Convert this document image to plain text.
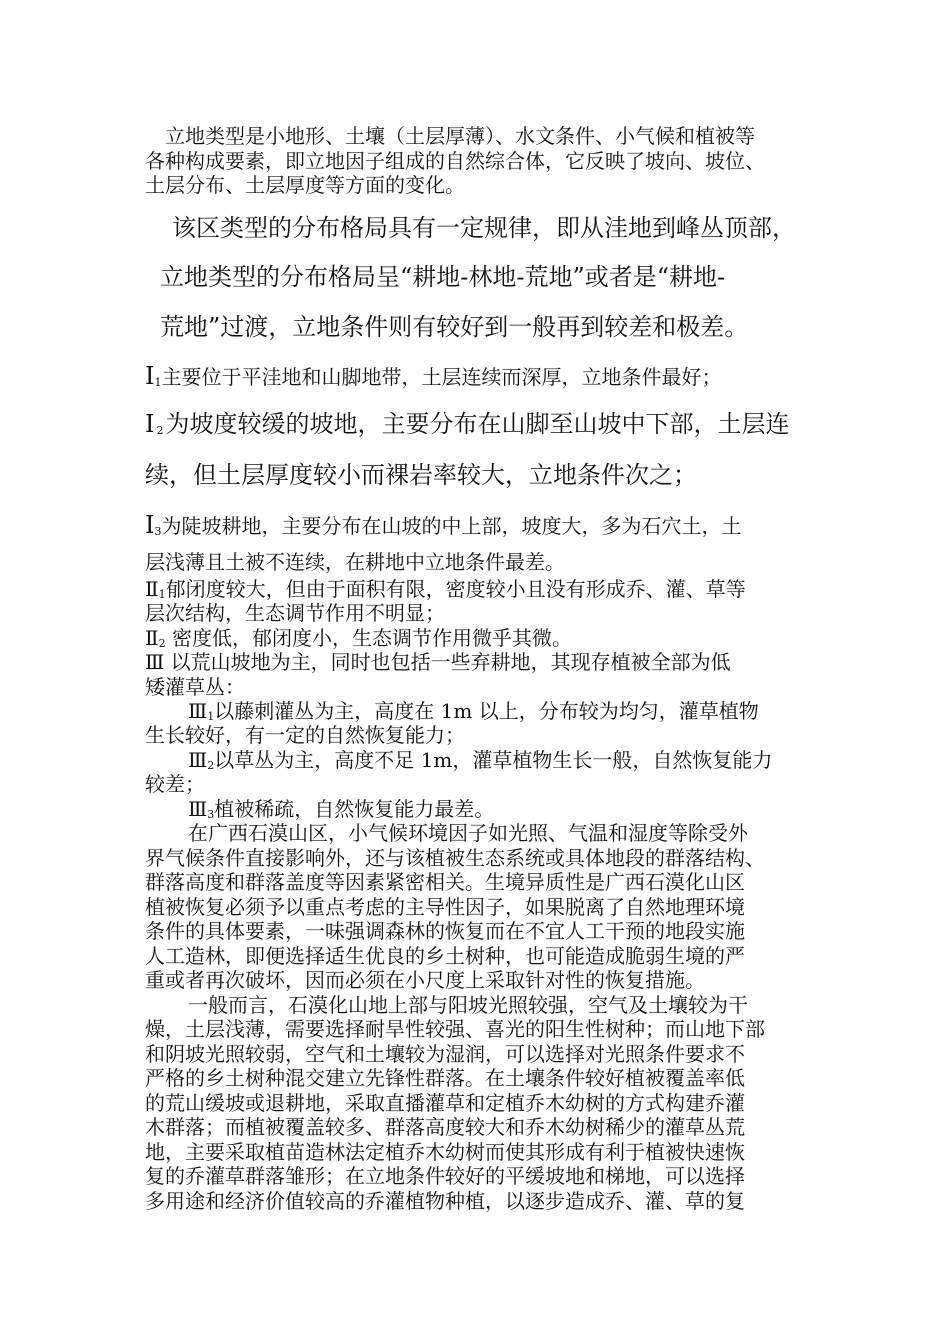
　立地类型是小地形、土壤（土层厚薄）、水文条件、小气候和植被等

各种构成要素，即立地因子组成的自然综合体，它反映了坡向、坡位、

土层分布、土层厚度等方面的变化。

该区类型的分布格局具有一定规律，即从洼地到峰丛顶部，

立地类型的分布格局呈“耕地-林地-荒地”或者是“耕地-

荒地”过渡，立地条件则有较好到一般再到较差和极差。

Ⅰ1主要位于平洼地和山脚地带，土层连续而深厚，立地条件最好；

Ⅰ 2为坡度较缓的坡地，主要分布在山脚至山坡中下部，土层连

续，但土层厚度较小而裸岩率较大，立地条件次之；

Ⅰ3为陡坡耕地，主要分布在山坡的中上部，坡度大，多为石穴土，土

层浅薄且土被不连续，在耕地中立地条件最差。

Ⅱ1郁闭度较大，但由于面积有限，密度较小且没有形成乔、灌、草等

层次结构，生态调节作用不明显；

Ⅱ2 密度低，郁闭度小，生态调节作用微乎其微。

Ⅲ 以荒山坡地为主，同时也包括一些弃耕地，其现存植被全部为低

矮灌草丛：

Ⅲ1以藤刺灌丛为主，高度在 1m 以上，分布较为均匀，灌草植物

生长较好，有一定的自然恢复能力；

Ⅲ2以草丛为主，高度不足 1m，灌草植物生长一般，自然恢复能力

较差；

Ⅲ3植被稀疏，自然恢复能力最差。

在广西石漠山区，小气候环境因子如光照、气温和湿度等除受外

界气候条件直接影响外，还与该植被生态系统或具体地段的群落结构、

群落高度和群落盖度等因素紧密相关。生境异质性是广西石漠化山区

植被恢复必须予以重点考虑的主导性因子，如果脱离了自然地理环境

条件的具体要素，一味强调森林的恢复而在不宜人工干预的地段实施

人工造林，即便选择适生优良的乡土树种，也可能造成脆弱生境的严

重或者再次破坏，因而必须在小尺度上采取针对性的恢复措施。

一般而言，石漠化山地上部与阳坡光照较强，空气及土壤较为干

燥，土层浅薄，需要选择耐旱性较强、喜光的阳生性树种；而山地下部

和阴坡光照较弱，空气和土壤较为湿润，可以选择对光照条件要求不

严格的乡土树种混交建立先锋性群落。在土壤条件较好植被覆盖率低

的荒山缓坡或退耕地，采取直播灌草和定植乔木幼树的方式构建乔灌

木群落；而植被覆盖较多、群落高度较大和乔木幼树稀少的灌草丛荒

地，主要采取植苗造林法定植乔木幼树而使其形成有利于植被快速恢

复的乔灌草群落雏形；在立地条件较好的平缓坡地和梯地，可以选择

多用途和经济价值较高的乔灌植物种植，以逐步造成乔、灌、草的复
